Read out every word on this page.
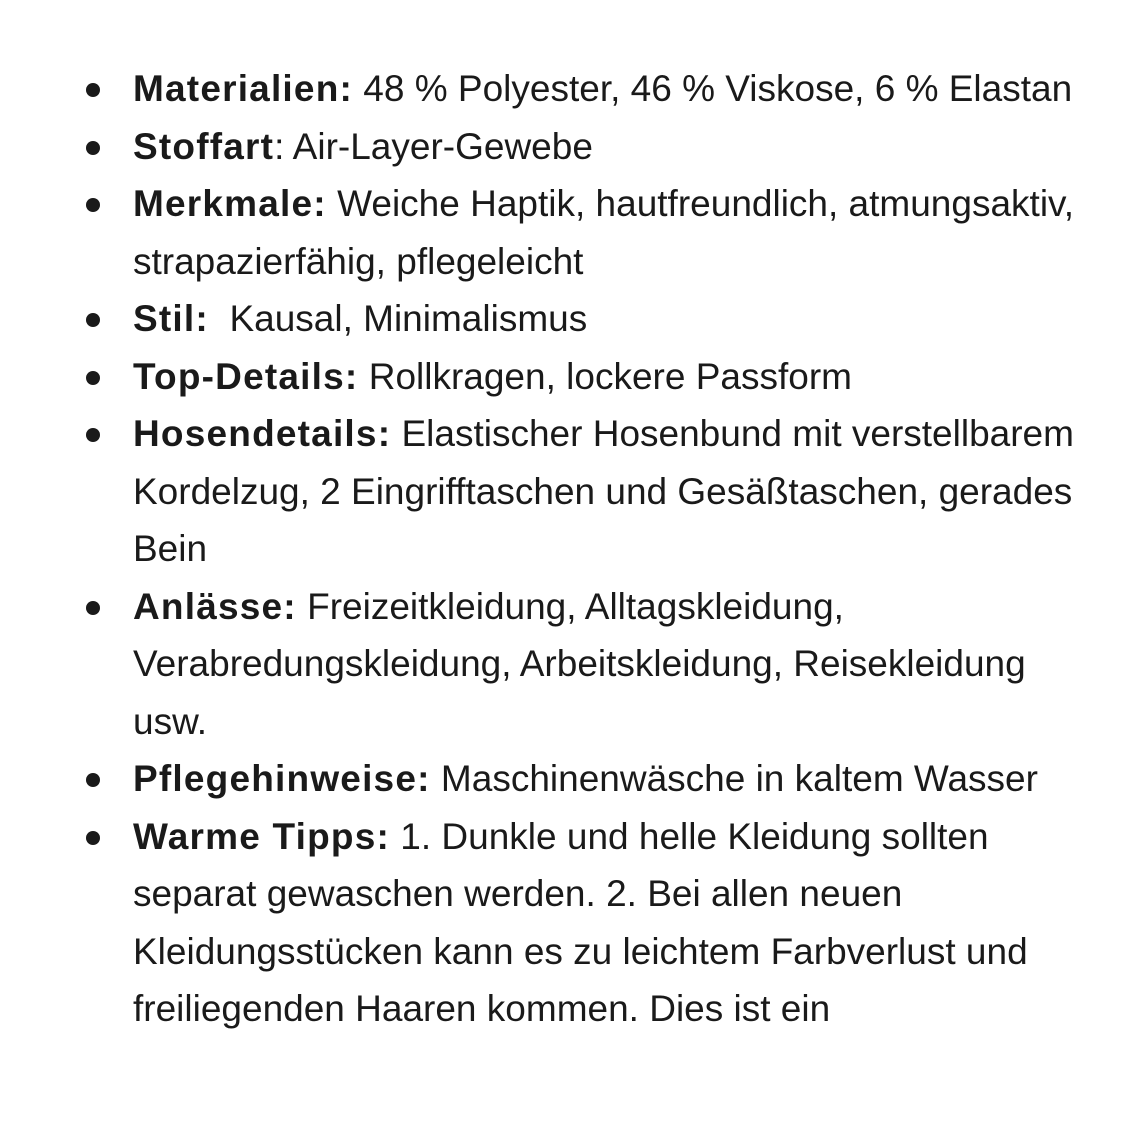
Materialien: 48 % Polyester, 46 % Viskose, 6 % Elastan
Stoffart: Air-Layer-Gewebe
Merkmale: Weiche Haptik, hautfreundlich, atmungsaktiv, strapazierfähig, pflegeleicht
Stil:  Kausal, Minimalismus
Top-Details: Rollkragen, lockere Passform
Hosendetails: Elastischer Hosenbund mit verstellbarem Kordelzug, 2 Eingrifftaschen und Gesäßtaschen, gerades Bein
Anlässe: Freizeitkleidung, Alltagskleidung, Verabredungskleidung, Arbeitskleidung, Reisekleidung usw.
Pflegehinweise: Maschinenwäsche in kaltem Wasser
Warme Tipps: 1. Dunkle und helle Kleidung sollten separat gewaschen werden. 2. Bei allen neuen Kleidungsstücken kann es zu leichtem Farbverlust und freiliegenden Haaren kommen. Dies ist ein
